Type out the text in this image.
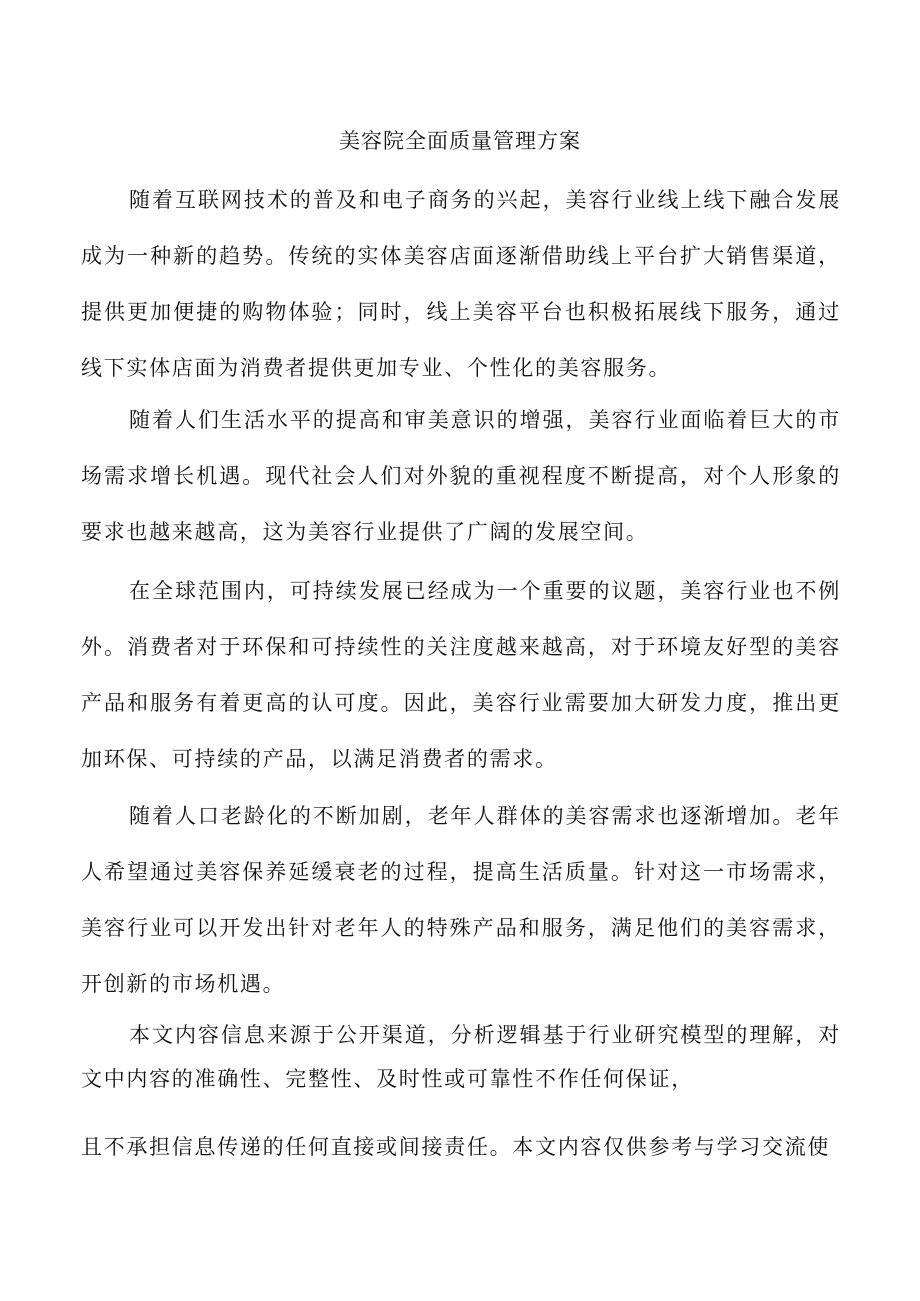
美容院全面质量管理方案

随着互联网技术的普及和电子商务的兴起，美容行业线上线下融合发展成为一种新的趋势。传统的实体美容店面逐渐借助线上平台扩大销售渠道，提供更加便捷的购物体验；同时，线上美容平台也积极拓展线下服务，通过线下实体店面为消费者提供更加专业、个性化的美容服务。

随着人们生活水平的提高和审美意识的增强，美容行业面临着巨大的市场需求增长机遇。现代社会人们对外貌的重视程度不断提高，对个人形象的要求也越来越高，这为美容行业提供了广阔的发展空间。

在全球范围内，可持续发展已经成为一个重要的议题，美容行业也不例外。消费者对于环保和可持续性的关注度越来越高，对于环境友好型的美容产品和服务有着更高的认可度。因此，美容行业需要加大研发力度，推出更加环保、可持续的产品，以满足消费者的需求。

随着人口老龄化的不断加剧，老年人群体的美容需求也逐渐增加。老年人希望通过美容保养延缓衰老的过程，提高生活质量。针对这一市场需求，美容行业可以开发出针对老年人的特殊产品和服务，满足他们的美容需求，开创新的市场机遇。

本文内容信息来源于公开渠道，分析逻辑基于行业研究模型的理解，对文中内容的准确性、完整性、及时性或可靠性不作任何保证，

且不承担信息传递的任何直接或间接责任。本文内容仅供参考与学习交流使
